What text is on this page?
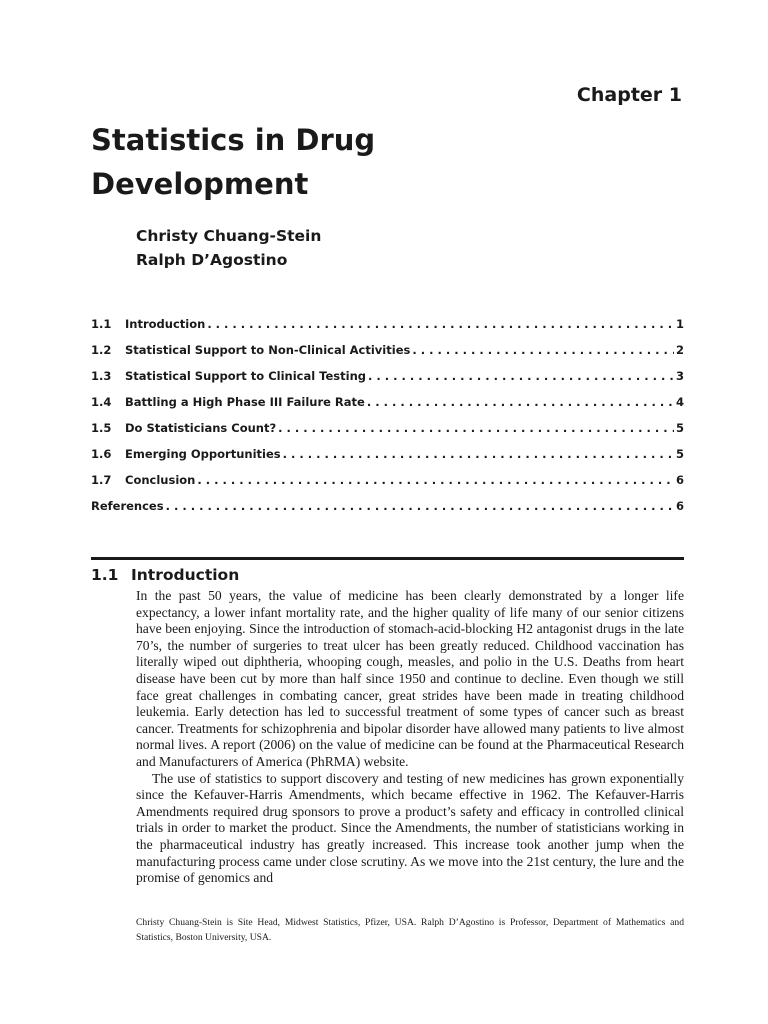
Chapter 1
Statistics in Drug
Development
Christy Chuang-Stein
Ralph D’Agostino
1.1	Introduction . . .	1
1.2	Statistical Support to Non-Clinical Activities . . .	2
1.3	Statistical Support to Clinical Testing . . .	3
1.4	Battling a High Phase III Failure Rate . . .	4
1.5	Do Statisticians Count? . . .	5
1.6	Emerging Opportunities . . .	5
1.7	Conclusion . . .	6
References . . .	6
1.1 Introduction

In the past 50 years, the value of medicine has been clearly demonstrated by a longer life expectancy, a lower infant mortality rate, and the higher quality of life many of our senior citizens have been enjoying. Since the introduction of stomach-acid-blocking H2 antagonist drugs in the late 70’s, the number of surgeries to treat ulcer has been greatly reduced. Childhood vaccination has literally wiped out diphtheria, whooping cough, measles, and polio in the U.S. Deaths from heart disease have been cut by more than half since 1950 and continue to decline. Even though we still face great challenges in combating cancer, great strides have been made in treating childhood leukemia. Early detection has led to successful treatment of some types of cancer such as breast cancer. Treatments for schizophrenia and bipolar disorder have allowed many patients to live almost normal lives. A report (2006) on the value of medicine can be found at the Pharmaceutical Research and Manufacturers of America (PhRMA) website.

The use of statistics to support discovery and testing of new medicines has grown exponentially since the Kefauver-Harris Amendments, which became effective in 1962. The Kefauver-Harris Amendments required drug sponsors to prove a product’s safety and efficacy in controlled clinical trials in order to market the product. Since the Amendments, the number of statisticians working in the pharmaceutical industry has greatly increased. This increase took another jump when the manufacturing process came under close scrutiny. As we move into the 21st century, the lure and the promise of genomics and

Christy Chuang-Stein is Site Head, Midwest Statistics, Pfizer, USA. Ralph D’Agostino is Professor, Department of Mathematics and Statistics, Boston University, USA.
